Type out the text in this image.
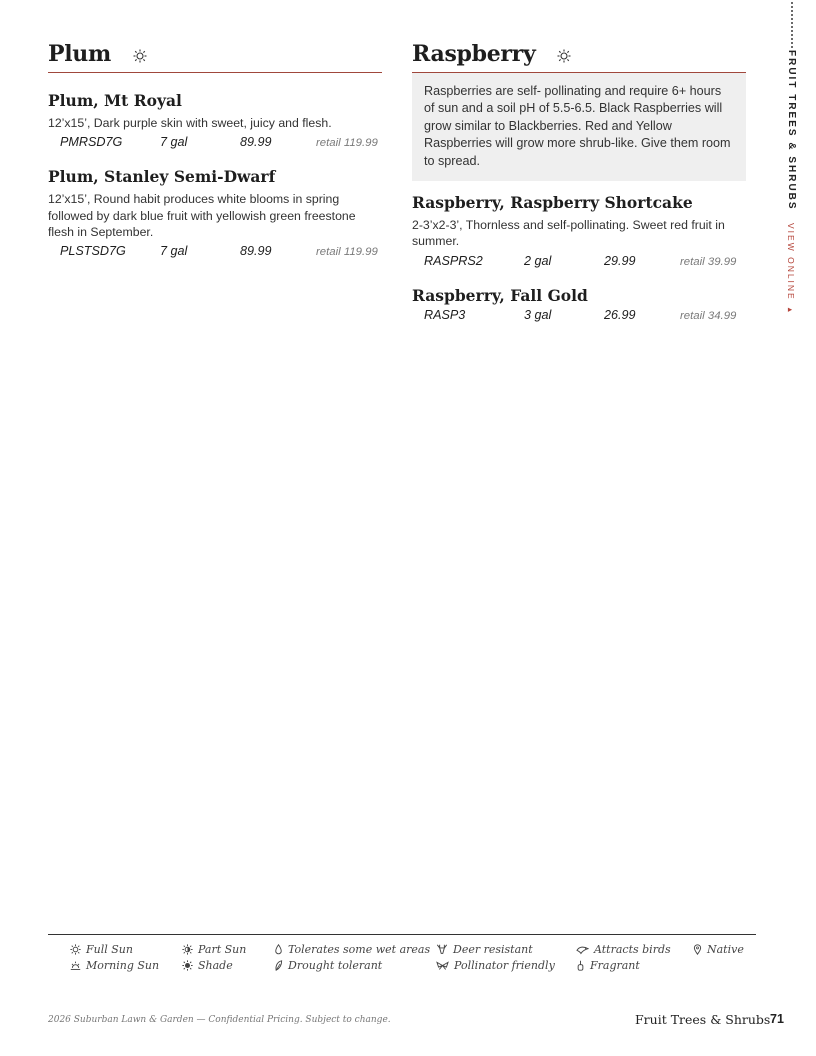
Plum
Plum, Mt Royal
12’x15’, Dark purple skin with sweet, juicy and flesh.
PMRSD7G	7 gal	89.99	retail 119.99
Plum, Stanley Semi-Dwarf
12’x15’, Round habit produces white blooms in spring followed by dark blue fruit with yellowish green freestone flesh in September.
PLSTSD7G	7 gal	89.99	retail 119.99
Raspberry
Raspberries are self- pollinating and require 6+ hours of sun and a soil pH of 5.5-6.5. Black Raspberries will grow similar to Blackberries. Red and Yellow Raspberries will grow more shrub-like. Give them room to spread.
Raspberry, Raspberry Shortcake
2-3’x2-3’, Thornless and self-pollinating. Sweet red fruit in summer.
RASPRS2	2 gal	29.99	retail 39.99
Raspberry, Fall Gold
RASP3	3 gal	26.99	retail 34.99
FRUIT TREES & SHRUBS VIEW ONLINE ▸
Full Sun
Morning Sun
Part Sun
Shade
Tolerates some wet areas
Drought tolerant
Deer resistant
Pollinator friendly
Attracts birds
Fragrant
Native
2026 Suburban Lawn & Garden — Confidential Pricing. Subject to change.	Fruit Trees & Shrubs 71
